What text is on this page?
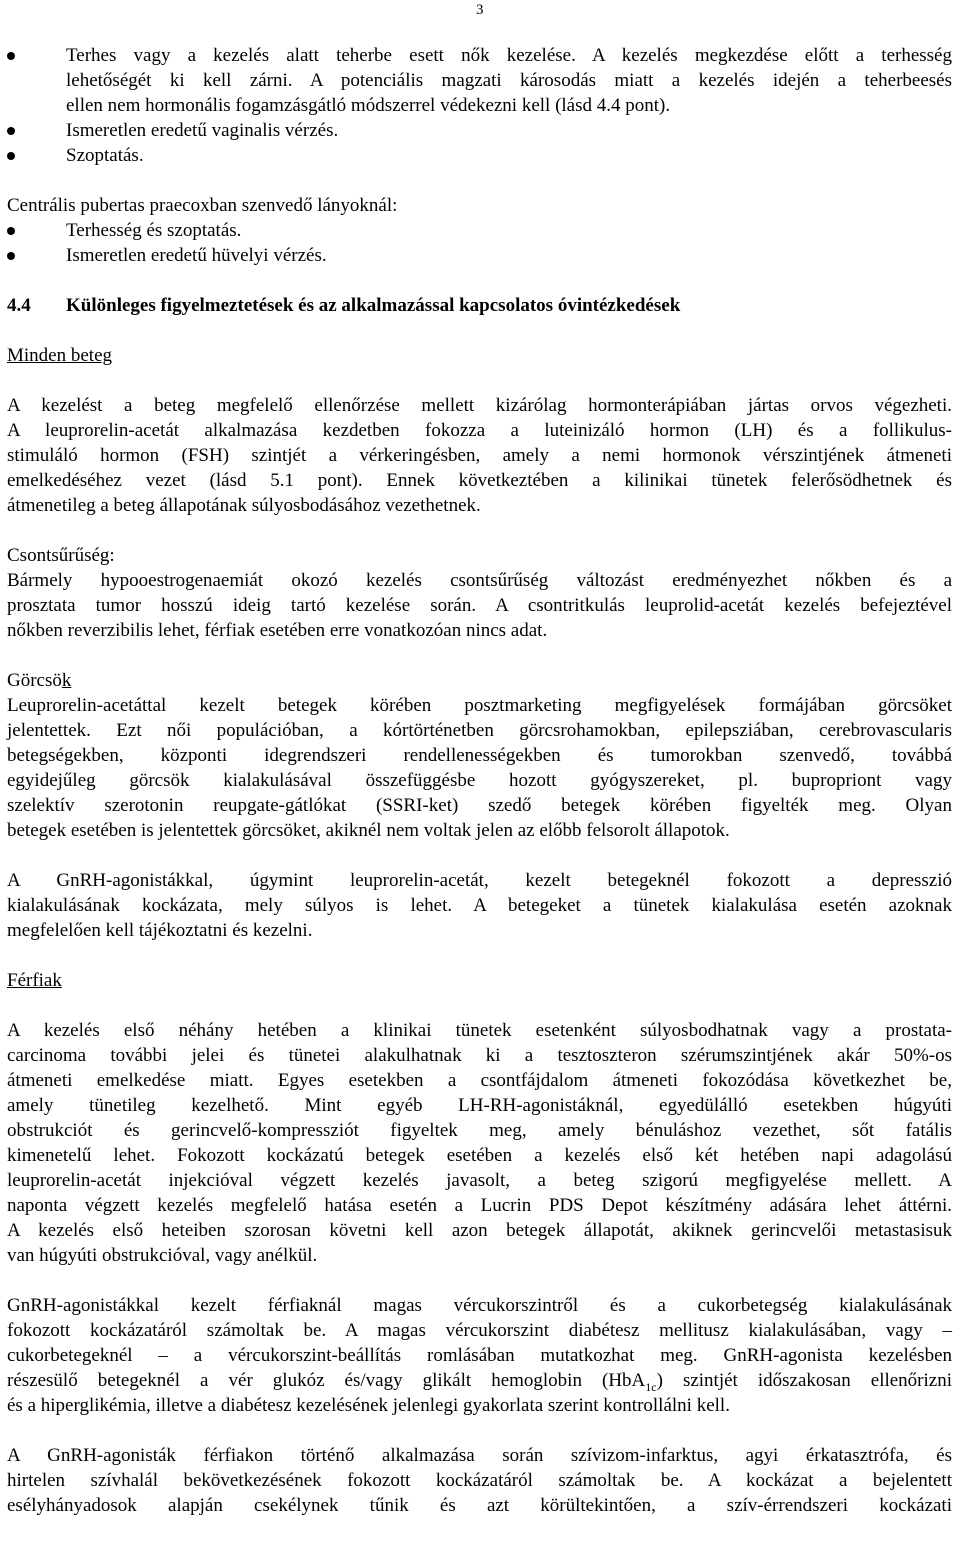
3
Terhes vagy a kezelés alatt teherbe esett nők kezelése. A kezelés megkezdése előtt a terhesség
lehetőségét ki kell zárni. A potenciális magzati károsodás miatt a kezelés idején a teherbeesés
ellen nem hormonális fogamzásgátló módszerrel védekezni kell (lásd 4.4 pont).
Ismeretlen eredetű vaginalis vérzés.
Szoptatás.
Centrális pubertas praecoxban szenvedő lányoknál:
Terhesség és szoptatás.
Ismeretlen eredetű hüvelyi vérzés.
4.4 Különleges figyelmeztetések és az alkalmazással kapcsolatos óvintézkedések
Minden beteg
A kezelést a beteg megfelelő ellenőrzése mellett kizárólag hormonterápiában jártas orvos végezheti.
A leuprorelin-acetát alkalmazása kezdetben fokozza a luteinizáló hormon (LH) és a follikulus-
stimuláló hormon (FSH) szintjét a vérkeringésben, amely a nemi hormonok vérszintjének átmeneti
emelkedéséhez vezet (lásd 5.1 pont). Ennek következtében a kilinikai tünetek felerősödhetnek és
átmenetileg a beteg állapotának súlyosbodásához vezethetnek.
Csontsűrűség:
Bármely hypooestrogenaemiát okozó kezelés csontsűrűség változást eredményezhet nőkben és a
prosztata tumor hosszú ideig tartó kezelése során. A csontritkulás leuprolid-acetát kezelés befejeztével
nőkben reverzibilis lehet, férfiak esetében erre vonatkozóan nincs adat.
Görcsök
Leuprorelin-acetáttal kezelt betegek körében posztmarketing megfigyelések formájában görcsöket
jelentettek. Ezt női populációban, a kórtörténetben görcsrohamokban, epilepsziában, cerebrovascularis
betegségekben, központi idegrendszeri rendellenességekben és tumorokban szenvedő, továbbá
egyidejűleg görcsök kialakulásával összefüggésbe hozott gyógyszereket, pl. bupropriont vagy
szelektív szerotonin reupgate-gátlókat (SSRI-ket) szedő betegek körében figyelték meg. Olyan
betegek esetében is jelentettek görcsöket, akiknél nem voltak jelen az előbb felsorolt állapotok.
A GnRH-agonistákkal, úgymint leuprorelin-acetát, kezelt betegeknél fokozott a depresszió
kialakulásának kockázata, mely súlyos is lehet. A betegeket a tünetek kialakulása esetén azoknak
megfelelően kell tájékoztatni és kezelni.
Férfiak
A kezelés első néhány hetében a klinikai tünetek esetenként súlyosbodhatnak vagy a prostata-
carcinoma további jelei és tünetei alakulhatnak ki a tesztoszteron szérumszintjének akár 50%-os
átmeneti emelkedése miatt. Egyes esetekben a csontfájdalom átmeneti fokozódása következhet be,
amely tünetileg kezelhető. Mint egyéb LH-RH-agonistáknál, egyedülálló esetekben húgyúti
obstrukciót és gerincvelő-kompressziót figyeltek meg, amely bénuláshoz vezethet, sőt fatális
kimenetelű lehet. Fokozott kockázatú betegek esetében a kezelés első két hetében napi adagolású
leuprorelin-acetát injekcióval végzett kezelés javasolt, a beteg szigorú megfigyelése mellett. A
naponta végzett kezelés megfelelő hatása esetén a Lucrin PDS Depot készítmény adására lehet áttérni.
A kezelés első heteiben szorosan követni kell azon betegek állapotát, akiknek gerincvelői metastasisuk
van húgyúti obstrukcióval, vagy anélkül.
GnRH-agonistákkal kezelt férfiaknál magas vércukorszintről és a cukorbetegség kialakulásának
fokozott kockázatáról számoltak be. A magas vércukorszint diabétesz mellitusz kialakulásában, vagy –
cukorbetegeknél – a vércukorszint-beállítás romlásában mutatkozhat meg. GnRH-agonista kezelésben
részesülő betegeknél a vér glukóz és/vagy glikált hemoglobin (HbA$_{1c}$) szintjét időszakosan ellenőrizni
és a hiperglikémia, illetve a diabétesz kezelésének jelenlegi gyakorlata szerint kontrollálni kell.
A GnRH-agonisták férfiakon történő alkalmazása során szívizom-infarktus, agyi érkatasztrófa, és
hirtelen szívhalál bekövetkezésének fokozott kockázatáról számoltak be. A kockázat a bejelentett
esélyhányadosok alapján csekélynek tűnik és azt körültekintően, a szív-érrendszeri kockázati
